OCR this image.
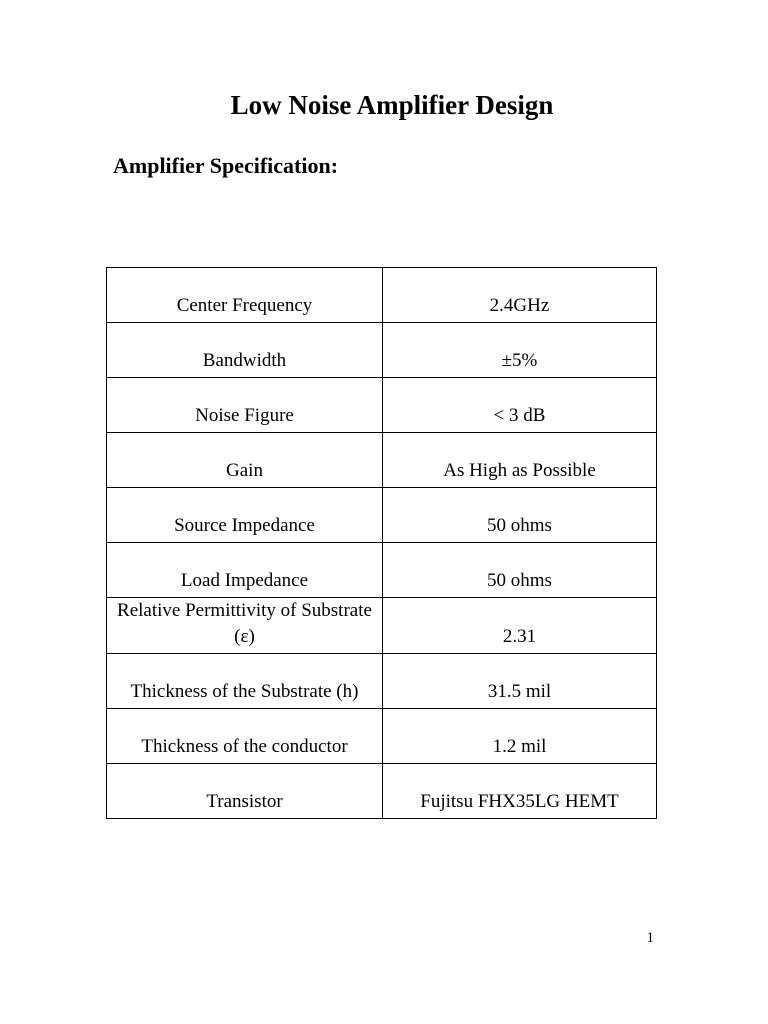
Low Noise Amplifier Design
Amplifier Specification:
Center Frequency	2.4GHz
Bandwidth	±5%
Noise Figure	< 3 dB
Gain	As High as Possible
Source Impedance	50 ohms
Load Impedance	50 ohms
Relative Permittivity of Substrate (ε)	2.31
Thickness of the Substrate (h)	31.5 mil
Thickness of the conductor	1.2 mil
Transistor	Fujitsu FHX35LG HEMT
1
